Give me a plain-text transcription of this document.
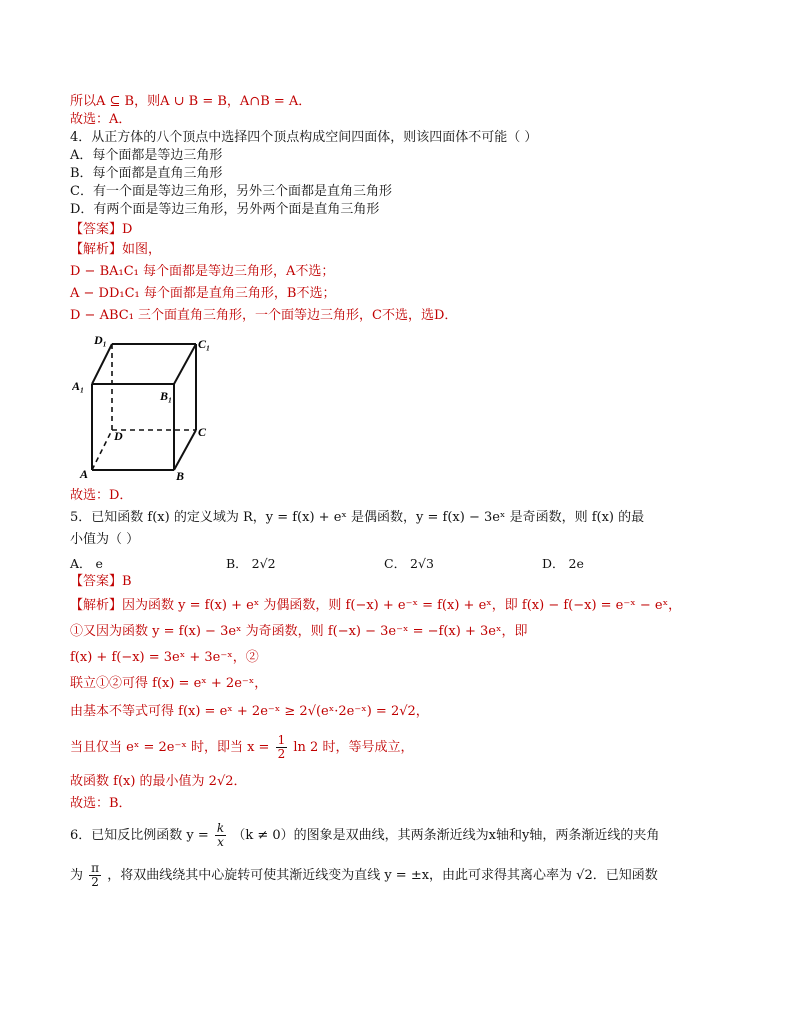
所以A ⊆ B，则A ∪ B = B，A∩B = A．
故选：A．
4．从正方体的八个顶点中选择四个顶点构成空间四面体，则该四面体不可能（ ）
A．每个面都是等边三角形
B．每个面都是直角三角形
C．有一个面是等边三角形，另外三个面都是直角三角形
D．有两个面是等边三角形，另外两个面是直角三角形
【答案】D
【解析】如图，
D − BA₁C₁ 每个面都是等边三角形，A不选；
A − DD₁C₁ 每个面都是直角三角形，B不选；
D − ABC₁ 三个面直角三角形，一个面等边三角形，C不选，选D．
D₁	C₁
A₁
B₁
D	C
A	B
故选：D．
5．已知函数 f(x) 的定义域为 R，y = f(x) + eˣ 是偶函数，y = f(x) − 3eˣ 是奇函数，则 f(x) 的最
小值为（ ）
A． e	B． 2√2	C． 2√3	D． 2e
【答案】B
【解析】因为函数 y = f(x) + eˣ 为偶函数，则 f(−x) + e⁻ˣ = f(x) + eˣ，即 f(x) − f(−x) = e⁻ˣ − eˣ，
①又因为函数 y = f(x) − 3eˣ 为奇函数，则 f(−x) − 3e⁻ˣ = −f(x) + 3eˣ，即
f(x) + f(−x) = 3eˣ + 3e⁻ˣ，②
联立①②可得 f(x) = eˣ + 2e⁻ˣ，
由基本不等式可得 f(x) = eˣ + 2e⁻ˣ ≥ 2√(eˣ·2e⁻ˣ) = 2√2，
当且仅当 eˣ = 2e⁻ˣ 时，即当 $x = \frac{1}{2}$ ln 2 时，等号成立，
故函数 f(x) 的最小值为 2√2．
故选：B．
6．已知反比例函数 $y = \frac{k}{x} (k \ne 0)$的图象是双曲线，其两条渐近线为x轴和y轴，两条渐近线的夹角
为 $\frac{\pi}{2}$ ，将双曲线绕其中心旋转可使其渐近线变为直线 y = ±x，由此可求得其离心率为 √2．已知函数
